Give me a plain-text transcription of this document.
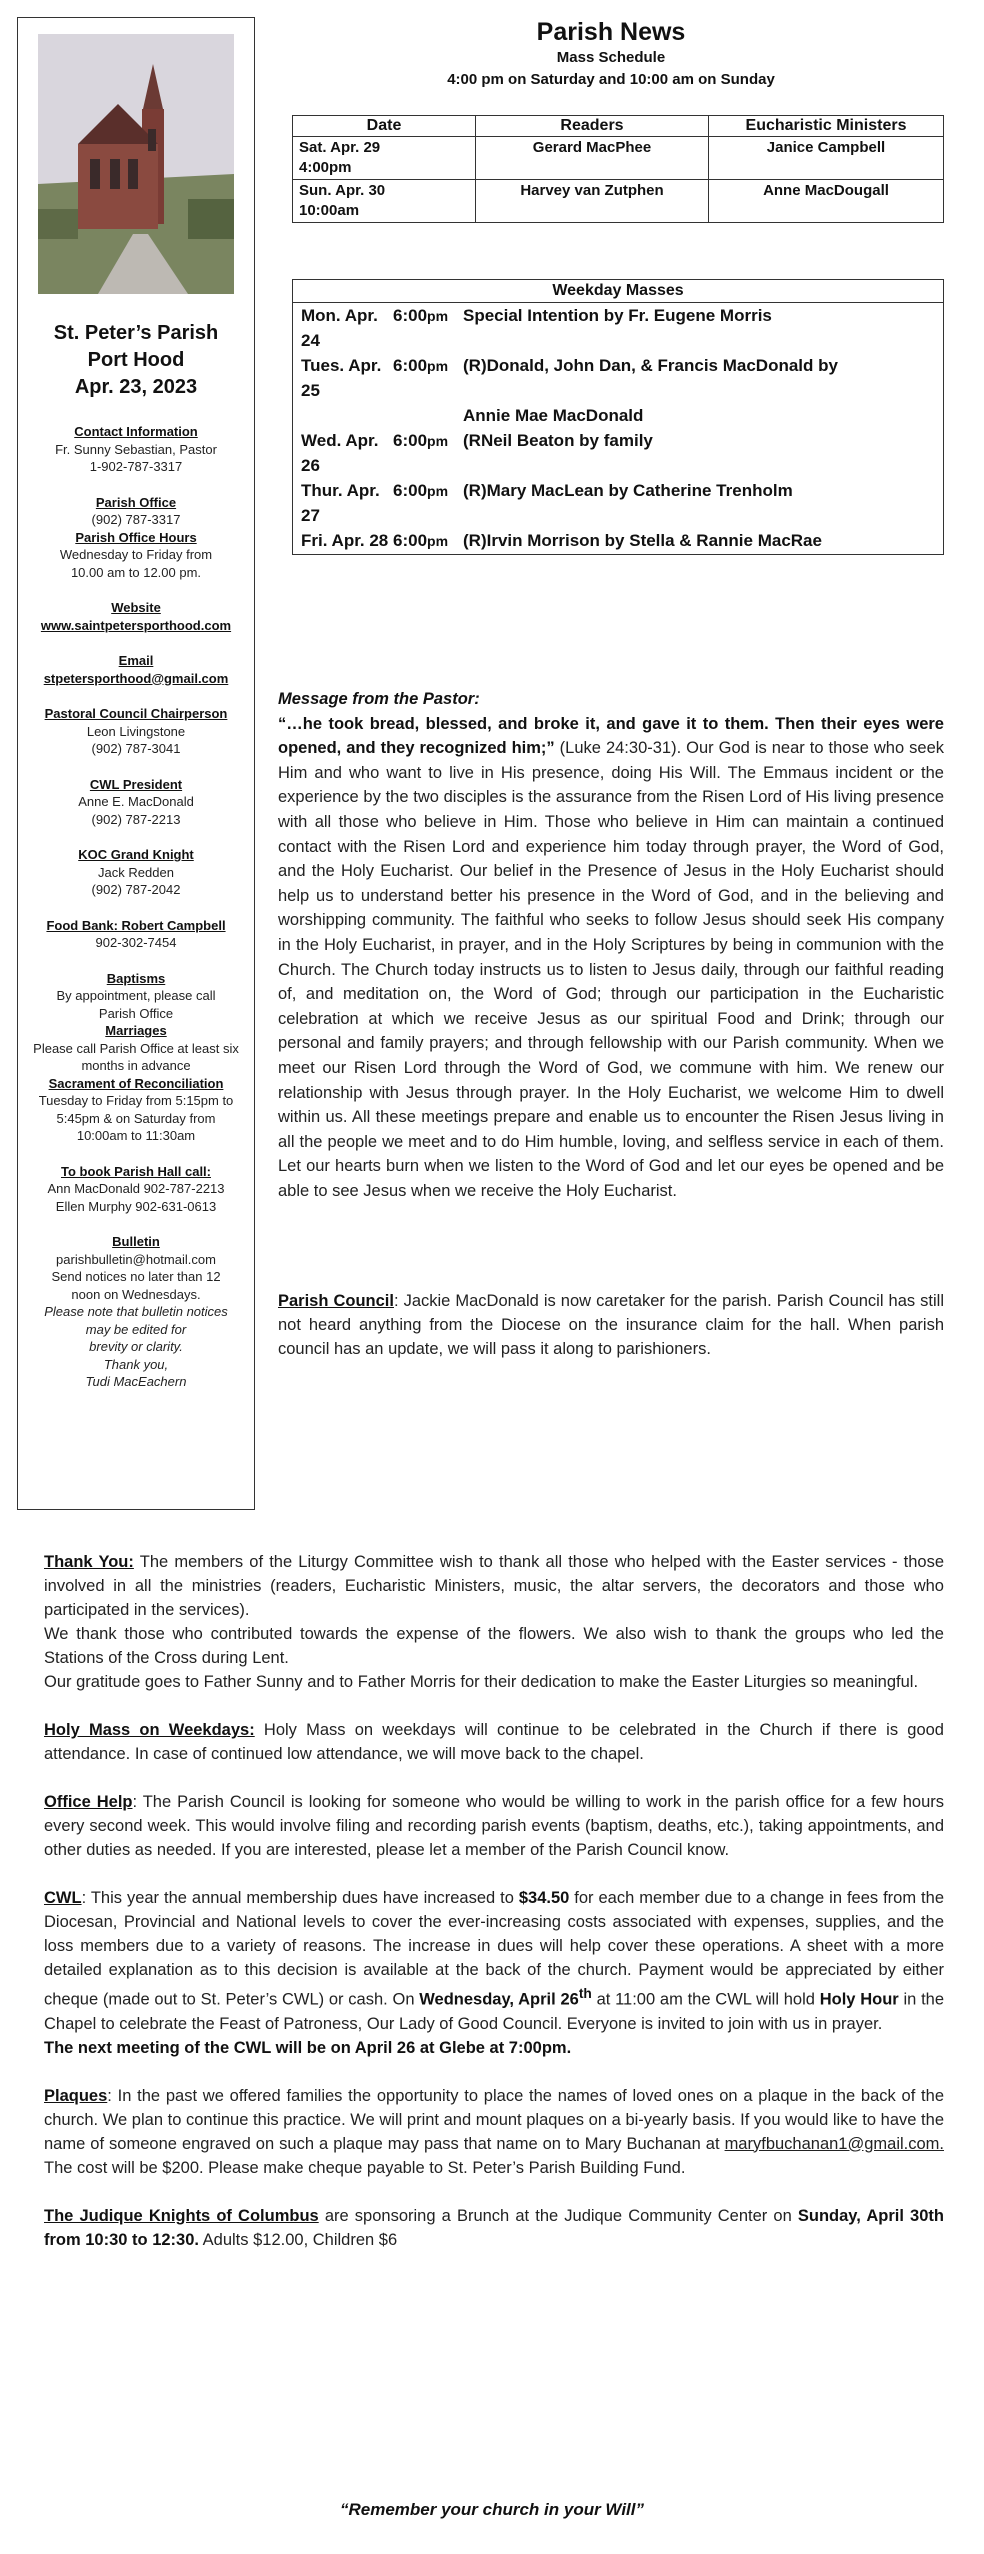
St. Peter’s Parish
Port Hood
Apr. 23, 2023
Contact Information
Fr. Sunny Sebastian, Pastor
1-902-787-3317
Parish Office
(902) 787-3317
Parish Office Hours
Wednesday to Friday from
10.00 am to 12.00 pm.
Website
www.saintpetersporthood.com
Email
stpetersporthood@gmail.com
Pastoral Council Chairperson
Leon Livingstone
(902) 787-3041
CWL President
Anne E. MacDonald
(902) 787-2213
KOC Grand Knight
Jack Redden
(902) 787-2042
Food Bank: Robert Campbell
902-302-7454
Baptisms
By appointment, please call
Parish Office
Marriages
Please call Parish Office at least six
months in advance
Sacrament of Reconciliation
Tuesday to Friday from 5:15pm to
5:45pm & on Saturday from
10:00am to 11:30am
To book Parish Hall call:
Ann MacDonald 902-787-2213
Ellen Murphy 902-631-0613
Bulletin
parishbulletin@hotmail.com
Send notices no later than 12
noon on Wednesdays.
Please note that bulletin notices
may be edited for
brevity or clarity.
Thank you,
Tudi MacEachern
Parish News
Mass Schedule
4:00 pm on Saturday and 10:00 am on Sunday
Date	Readers	Eucharistic Ministers

Sat. Apr. 29
4:00pm	Gerard MacPhee	Janice Campbell

Sun. Apr. 30
10:00am	Harvey van Zutphen	Anne MacDougall
Weekday Masses
Mon. Apr. 24
6:00pm Special Intention by Fr. Eugene Morris
Tues. Apr. 25
6:00pm (R)Donald, John Dan, & Francis MacDonald by
Annie Mae MacDonald
Wed. Apr. 26
6:00pm (RNeil Beaton by family
Thur. Apr. 27
6:00pm (R)Mary MacLean by Catherine Trenholm
Fri. Apr. 28 6:00pm (R)Irvin Morrison by Stella & Rannie MacRae
Message from the Pastor:
“…he took bread, blessed, and broke it, and gave it to them. Then their eyes were opened, and they recognized him;” (Luke 24:30-31). Our God is near to those who seek Him and who want to live in His presence, doing His Will. The Emmaus incident or the experience by the two disciples is the assurance from the Risen Lord of His living presence with all those who believe in Him. Those who believe in Him can maintain a continued contact with the Risen Lord and experience him today through prayer, the Word of God, and the Holy Eucharist. Our belief in the Presence of Jesus in the Holy Eucharist should help us to understand better his presence in the Word of God, and in the believing and worshipping community. The faithful who seeks to follow Jesus should seek His company in the Holy Eucharist, in prayer, and in the Holy Scriptures by being in communion with the Church. The Church today instructs us to listen to Jesus daily, through our faithful reading of, and meditation on, the Word of God; through our participation in the Eucharistic celebration at which we receive Jesus as our spiritual Food and Drink; through our personal and family prayers; and through fellowship with our Parish community. When we meet our Risen Lord through the Word of God, we commune with him. We renew our relationship with Jesus through prayer. In the Holy Eucharist, we welcome Him to dwell within us. All these meetings prepare and enable us to encounter the Risen Jesus living in all the people we meet and to do Him humble, loving, and selfless service in each of them. Let our hearts burn when we listen to the Word of God and let our eyes be opened and be able to see Jesus when we receive the Holy Eucharist.
Parish Council: Jackie MacDonald is now caretaker for the parish. Parish Council has still not heard anything from the Diocese on the insurance claim for the hall. When parish council has an update, we will pass it along to parishioners.

Thank You: The members of the Liturgy Committee wish to thank all those who helped with the Easter services - those involved in all the ministries (readers, Eucharistic Ministers, music, the altar servers, the decorators and those who participated in the services).

We thank those who contributed towards the expense of the flowers. We also wish to thank the groups who led the Stations of the Cross during Lent.

Our gratitude goes to Father Sunny and to Father Morris for their dedication to make the Easter Liturgies so meaningful.

Holy Mass on Weekdays: Holy Mass on weekdays will continue to be celebrated in the Church if there is good attendance. In case of continued low attendance, we will move back to the chapel.

Office Help: The Parish Council is looking for someone who would be willing to work in the parish office for a few hours every second week. This would involve filing and recording parish events (baptism, deaths, etc.), taking appointments, and other duties as needed. If you are interested, please let a member of the Parish Council know.

CWL: This year the annual membership dues have increased to $34.50 for each member due to a change in fees from the Diocesan, Provincial and National levels to cover the ever-increasing costs associated with expenses, supplies, and the loss members due to a variety of reasons. The increase in dues will help cover these operations. A sheet with a more detailed explanation as to this decision is available at the back of the church. Payment would be appreciated by either cheque (made out to St. Peter’s CWL) or cash. On Wednesday, April 26th at 11:00 am the CWL will hold Holy Hour in the Chapel to celebrate the Feast of Patroness, Our Lady of Good Council. Everyone is invited to join with us in prayer.

The next meeting of the CWL will be on April 26 at Glebe at 7:00pm.

Plaques: In the past we offered families the opportunity to place the names of loved ones on a plaque in the back of the church. We plan to continue this practice. We will print and mount plaques on a bi-yearly basis. If you would like to have the name of someone engraved on such a plaque may pass that name on to Mary Buchanan at maryfbuchanan1@gmail.com. The cost will be $200. Please make cheque payable to St. Peter’s Parish Building Fund.

The Judique Knights of Columbus are sponsoring a Brunch at the Judique Community Center on Sunday, April 30th from 10:30 to 12:30. Adults $12.00, Children $6

“Remember your church in your Will”
